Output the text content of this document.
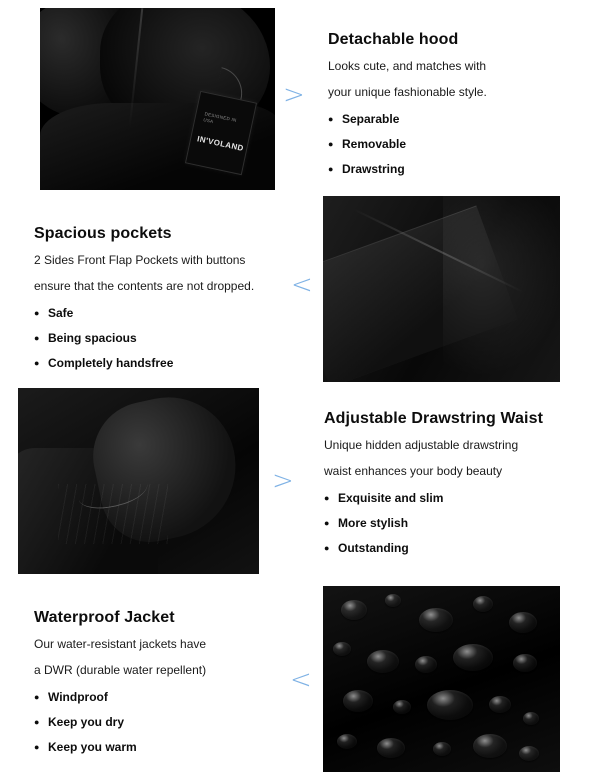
DESIGNED IN USA
IN'VOLAND
>
Detachable hood

Looks cute, and matches with

your unique fashionable style.

● Separable
● Removable
● Drawstring
<
Spacious pockets

2 Sides Front Flap Pockets with buttons

ensure that the contents are not dropped.

● Safe
● Being spacious
● Completely handsfree
>
Adjustable Drawstring Waist

Unique hidden adjustable drawstring

waist enhances your body beauty

● Exquisite and slim
● More stylish
● Outstanding
<
Waterproof Jacket

Our water-resistant jackets have

a DWR (durable water repellent)

● Windproof
● Keep you dry
● Keep you warm
